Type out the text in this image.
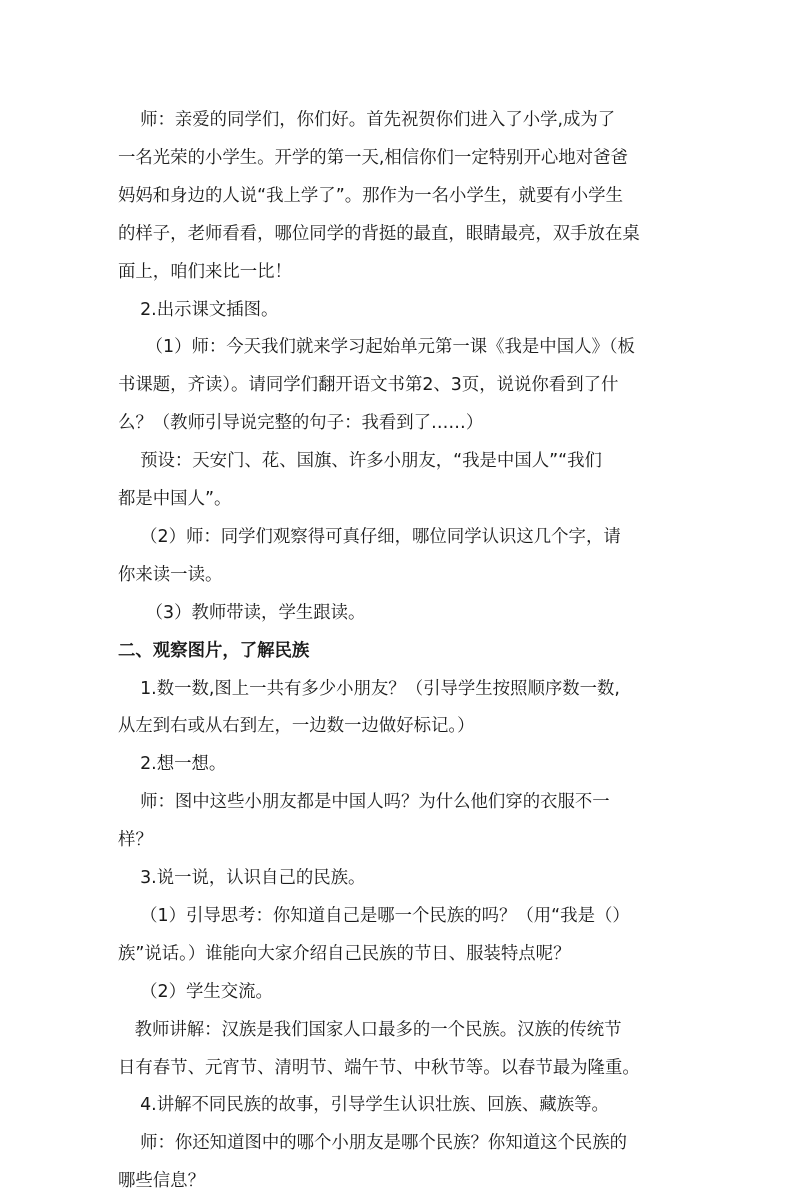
师：亲爱的同学们，你们好。首先祝贺你们进入了小学,成为了
一名光荣的小学生。开学的第一天,相信你们一定特别开心地对爸爸
妈妈和身边的人说“我上学了”。那作为一名小学生，就要有小学生
的样子，老师看看，哪位同学的背挺的最直，眼睛最亮，双手放在桌
面上，咱们来比一比！
2.出示课文插图。
（1）师：今天我们就来学习起始单元第一课《我是中国人》（板
书课题，齐读）。请同学们翻开语文书第2、3页，说说你看到了什
么？（教师引导说完整的句子：我看到了……）
预设：天安门、花、国旗、许多小朋友，“我是中国人”“我们
都是中国人”。
（2）师：同学们观察得可真仔细，哪位同学认识这几个字，请
你来读一读。
（3）教师带读，学生跟读。
二、观察图片，了解民族
1.数一数,图上一共有多少小朋友？（引导学生按照顺序数一数,
从左到右或从右到左，一边数一边做好标记。）
2.想一想。
师：图中这些小朋友都是中国人吗？为什么他们穿的衣服不一
样？
3.说一说，认识自己的民族。
（1）引导思考：你知道自己是哪一个民族的吗？（用“我是（）
族”说话。）谁能向大家介绍自己民族的节日、服装特点呢？
（2）学生交流。
教师讲解：汉族是我们国家人口最多的一个民族。汉族的传统节
日有春节、元宵节、清明节、端午节、中秋节等。以春节最为隆重。
4.讲解不同民族的故事，引导学生认识壮族、回族、藏族等。
师：你还知道图中的哪个小朋友是哪个民族？你知道这个民族的
哪些信息？
